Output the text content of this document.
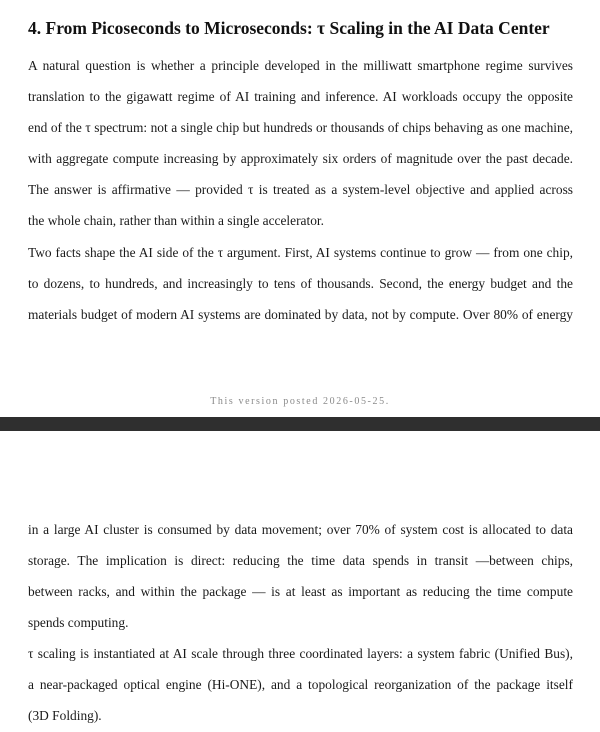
4. From Picoseconds to Microseconds: τ Scaling in the AI Data Center
A natural question is whether a principle developed in the milliwatt smartphone regime survives
translation to the gigawatt regime of AI training and inference. AI workloads occupy the opposite
end of the τ spectrum: not a single chip but hundreds or thousands of chips behaving as one machine,
with aggregate compute increasing by approximately six orders of magnitude over the past decade.
The answer is affirmative — provided τ is treated as a system-level objective and applied across
the whole chain, rather than within a single accelerator.
Two facts shape the AI side of the τ argument. First, AI systems continue to grow — from one chip,
to dozens, to hundreds, and increasingly to tens of thousands. Second, the energy budget and the
materials budget of modern AI systems are dominated by data, not by compute. Over 80% of energy
This version posted 2026-05-25.
in a large AI cluster is consumed by data movement; over 70% of system cost is allocated to data
storage. The implication is direct: reducing the time data spends in transit —between chips,
between racks, and within the package — is at least as important as reducing the time compute
spends computing.
τ scaling is instantiated at AI scale through three coordinated layers: a system fabric (Unified Bus),
a near-packaged optical engine (Hi-ONE), and a topological reorganization of the package itself
(3D Folding).
